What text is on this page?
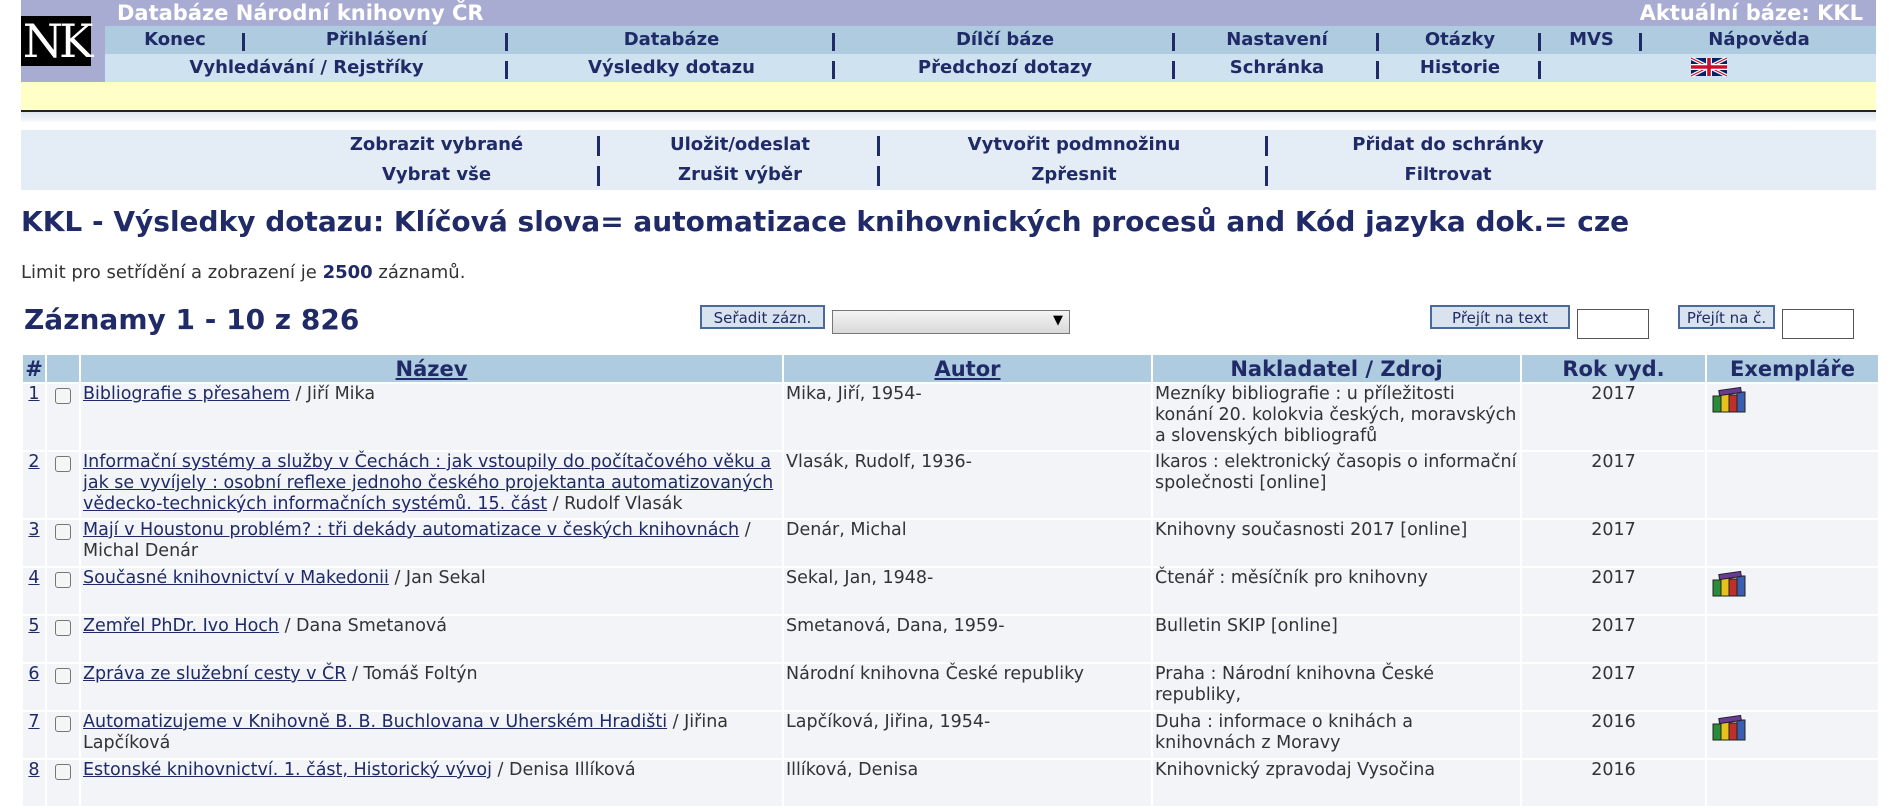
NK
Databáze Národní knihovny ČR	Aktuální báze: KKL
Konec	Přihlášení	Databáze	Dílčí báze	Nastavení	Otázky	MVS	Nápověda
Vyhledávání / Rejstříky	Výsledky dotazu	Předchozí dotazy	Schránka	Historie
Zobrazit vybrané	Uložit/odeslat	Vytvořit podmnožinu	Přidat do schránky
Vybrat vše	Zrušit výběr	Zpřesnit	Filtrovat
KKL - Výsledky dotazu: Klíčová slova= automatizace knihovnických procesů and Kód jazyka dok.= cze
Limit pro setřídění a zobrazení je 2500 záznamů.
Záznamy 1 - 10 z 826	Seřadit zázn.	▼	Přejít na text	Přejít na č.
#		Název	Autor	Nakladatel / Zdroj	Rok vyd.	Exempláře
1		Bibliografie s přesahem / Jiří Mika	Mika, Jiří, 1954-	Mezníky bibliografie : u příležitosti konání 20. kolokvia českých, moravských a slovenských bibliografů	2017	
2		Informační systémy a služby v Čechách : jak vstoupily do počítačového věku a jak se vyvíjely : osobní reflexe jednoho českého projektanta automatizovaných vědecko-technických informačních systémů. 15. část / Rudolf Vlasák	Vlasák, Rudolf, 1936-	Ikaros : elektronický časopis o informační společnosti [online]	2017	
3		Mají v Houstonu problém? : tři dekády automatizace v českých knihovnách / Michal Denár	Denár, Michal	Knihovny současnosti 2017 [online]	2017	
4		Současné knihovnictví v Makedonii / Jan Sekal	Sekal, Jan, 1948-	Čtenář : měsíčník pro knihovny	2017	
5		Zemřel PhDr. Ivo Hoch / Dana Smetanová	Smetanová, Dana, 1959-	Bulletin SKIP [online]	2017	
6		Zpráva ze služební cesty v ČR / Tomáš Foltýn	Národní knihovna České republiky	Praha : Národní knihovna České republiky,	2017	
7		Automatizujeme v Knihovně B. B. Buchlovana v Uherském Hradišti / Jiřina Lapčíková	Lapčíková, Jiřina, 1954-	Duha : informace o knihách a knihovnách z Moravy	2016	
8		Estonské knihovnictví. 1. část, Historický vývoj / Denisa Illíková	Illíková, Denisa	Knihovnický zpravodaj Vysočina	2016	
